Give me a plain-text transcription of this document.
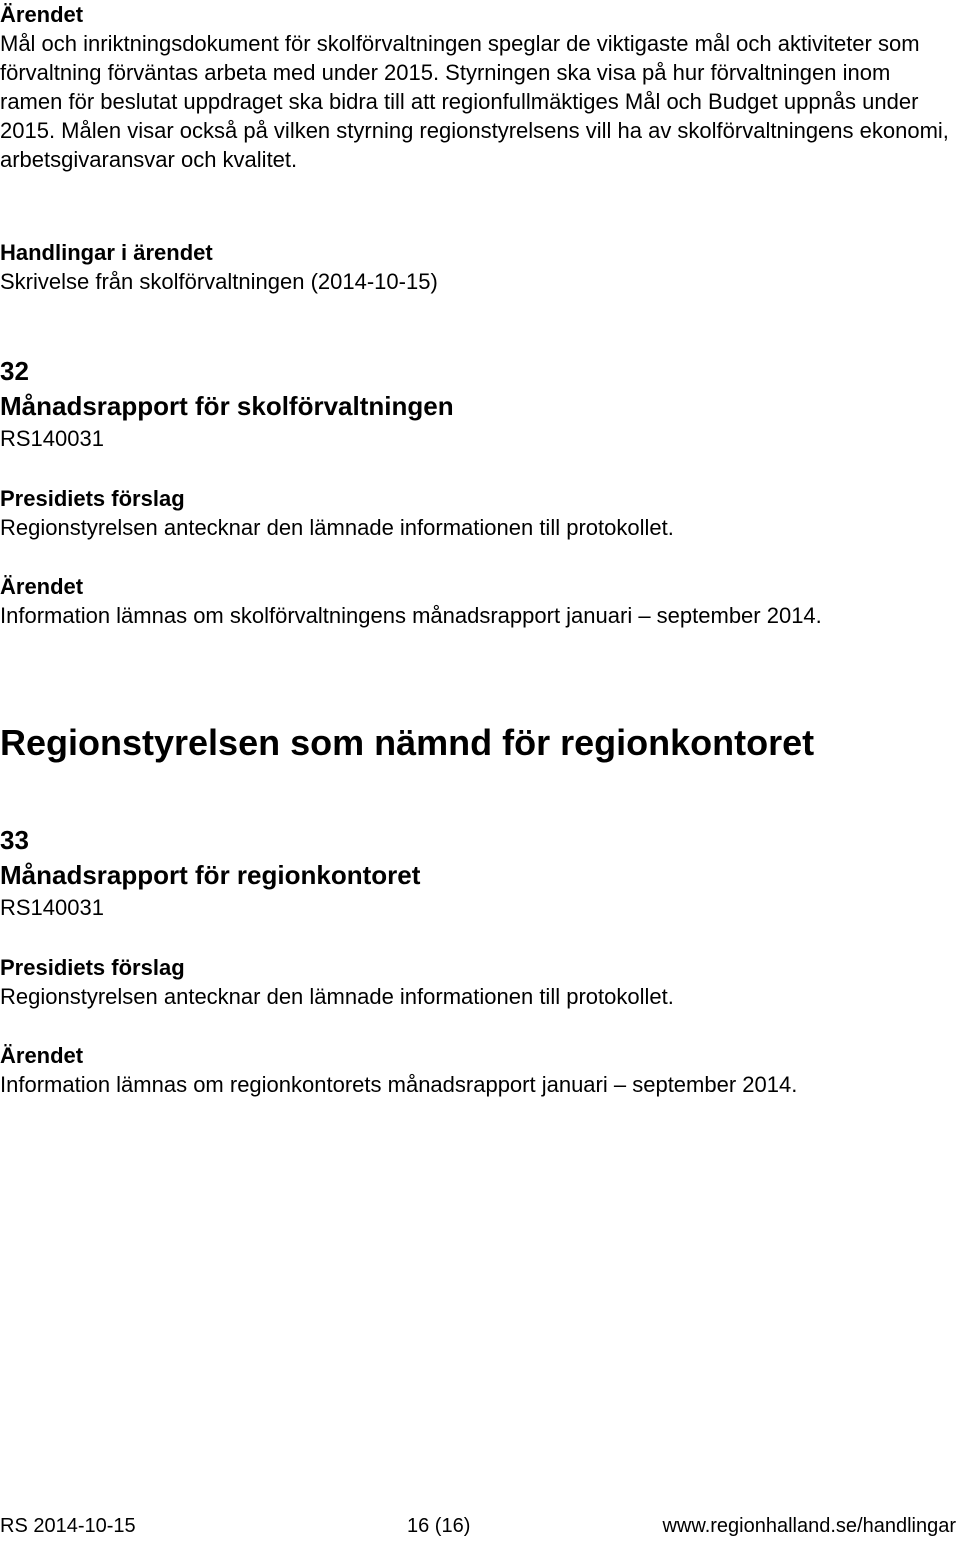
Ärendet

Mål och inriktningsdokument för skolförvaltningen speglar de viktigaste mål och aktiviteter som förvaltning förväntas arbeta med under 2015. Styrningen ska visa på hur förvaltningen inom ramen för beslutat uppdraget ska bidra till att regionfullmäktiges Mål och Budget uppnås under 2015. Målen visar också på vilken styrning regionstyrelsens vill ha av skolförvaltningens ekonomi, arbetsgivaransvar och kvalitet.

Handlingar i ärendet

Skrivelse från skolförvaltningen (2014-10-15)

32

Månadsrapport för skolförvaltningen

RS140031

Presidiets förslag

Regionstyrelsen antecknar den lämnade informationen till protokollet.

Ärendet

Information lämnas om skolförvaltningens månadsrapport januari – september 2014.

Regionstyrelsen som nämnd för regionkontoret

33

Månadsrapport för regionkontoret

RS140031

Presidiets förslag

Regionstyrelsen antecknar den lämnade informationen till protokollet.

Ärendet

Information lämnas om regionkontorets månadsrapport januari – september 2014.

RS 2014-10-15	16 (16)	www.regionhalland.se/handlingar
